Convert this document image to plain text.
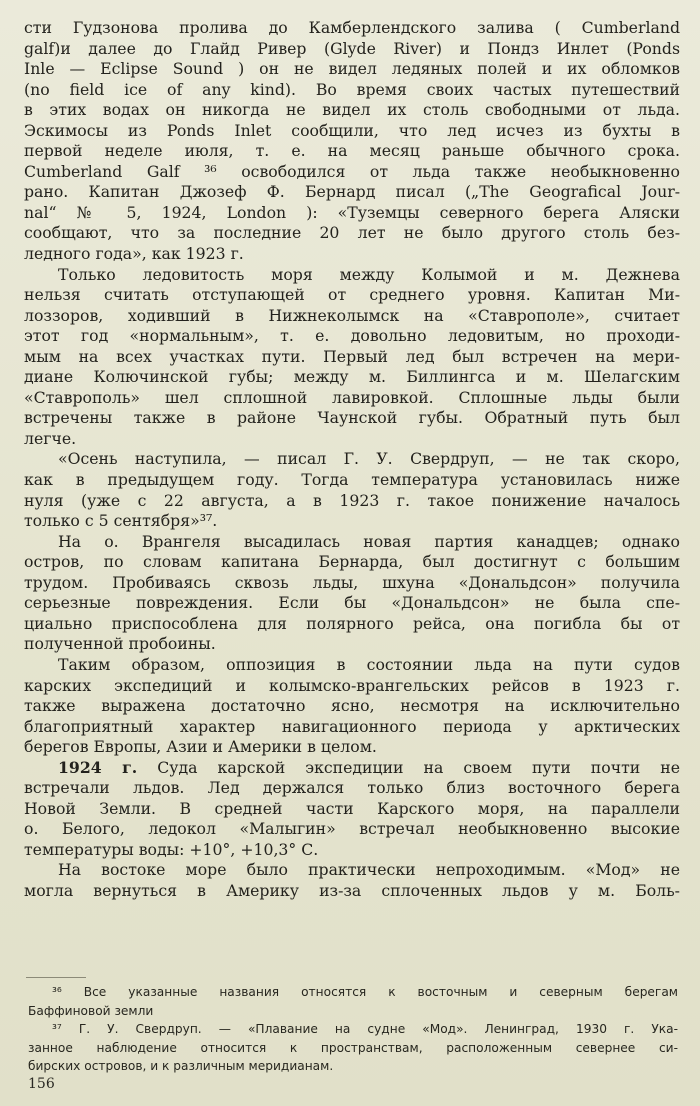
сти Гудзонова пролива до Камберлендского залива ( Cumberland
galf)и далее до Глайд Ривер (Glyde River) и Пондз Инлет (Ponds
Inle — Eclipse Sound ) он не видел ледяных полей и их обломков
(no field ice of any kind). Во время своих частых путешествий
в этих водах он никогда не видел их столь свободными от льда.
Эскимосы из Ponds Inlet сообщили, что лед исчез из бухты в
первой неделе июля, т. е. на месяц раньше обычного срока.
Cumberland Galf ³⁶ освободился от льда также необыкновенно
рано. Капитан Джозеф Ф. Бернард писал („The Geografical Jour-
nal“ № 5, 1924, London ): «Туземцы северного берега Аляски
сообщают, что за последние 20 лет не было другого столь без-
ледного года», как 1923 г.
Только ледовитость моря между Колымой и м. Дежнева
нельзя считать отступающей от среднего уровня. Капитан Ми-
лоззоров, ходивший в Нижнеколымск на «Ставрополе», считает
этот год «нормальным», т. е. довольно ледовитым, но проходи-
мым на всех участках пути. Первый лед был встречен на мери-
диане Колючинской губы; между м. Биллингса и м. Шелагским
«Ставрополь» шел сплошной лавировкой. Сплошные льды были
встречены также в районе Чаунской губы. Обратный путь был
легче.
«Осень наступила, — писал Г. У. Свердруп, — не так скоро,
как в предыдущем году. Тогда температура установилась ниже
нуля (уже с 22 августа, а в 1923 г. такое понижение началось
только с 5 сентября»³⁷.
На о. Врангеля высадилась новая партия канадцев; однако
остров, по словам капитана Бернарда, был достигнут с большим
трудом. Пробиваясь сквозь льды, шхуна «Дональдсон» получила
серьезные повреждения. Если бы «Дональдсон» не была спе-
циально приспособлена для полярного рейса, она погибла бы от
полученной пробоины.
Таким образом, оппозиция в состоянии льда на пути судов
карских экспедиций и колымско-врангельских рейсов в 1923 г.
также выражена достаточно ясно, несмотря на исключительно
благоприятный характер навигационного периода у арктических
берегов Европы, Азии и Америки в целом.
1924 г. Суда карской экспедиции на своем пути почти не
встречали льдов. Лед держался только близ восточного берега
Новой Земли. В средней части Карского моря, на параллели
о. Белого, ледокол «Малыгин» встречал необыкновенно высокие
температуры воды: +10°, +10,3° С.
На востоке море было практически непроходимым. «Мод» не
могла вернуться в Америку из-за сплоченных льдов у м. Боль-
³⁶ Все указанные названия относятся к восточным и северным берегам
Баффиновой земли
³⁷ Г. У. Свердруп. — «Плавание на судне «Мод». Ленинград, 1930 г. Ука-
занное наблюдение относится к пространствам, расположенным севернее си-
бирских островов, и к различным меридианам.
156
